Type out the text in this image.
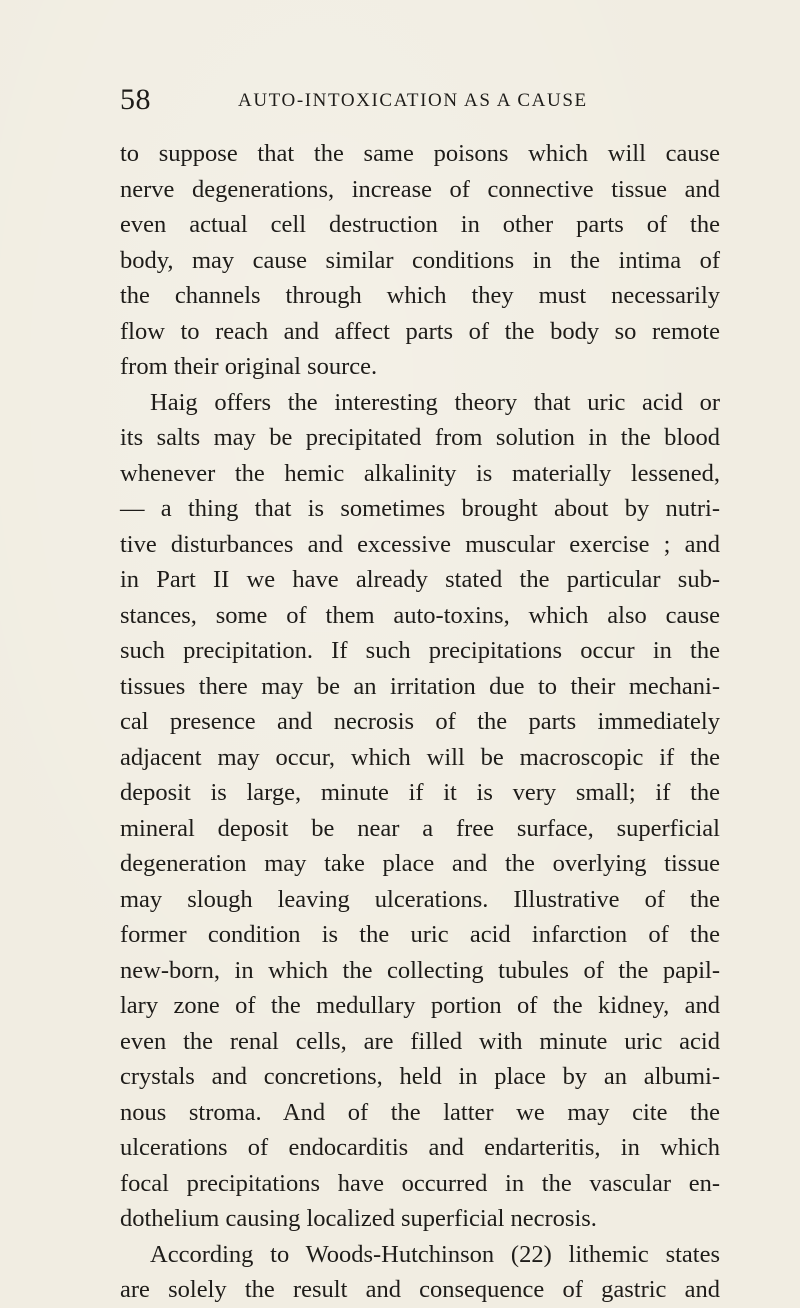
58	AUTO-INTOXICATION AS A CAUSE
to suppose that the same poisons which will cause
nerve degenerations, increase of connective tissue and
even actual cell destruction in other parts of the
body, may cause similar conditions in the intima of
the channels through which they must necessarily
flow to reach and affect parts of the body so remote
from their original source.
Haig offers the interesting theory that uric acid or
its salts may be precipitated from solution in the blood
whenever the hemic alkalinity is materially lessened,
— a thing that is sometimes brought about by nutri-
tive disturbances and excessive muscular exercise ; and
in Part II we have already stated the particular sub-
stances, some of them auto-toxins, which also cause
such precipitation. If such precipitations occur in the
tissues there may be an irritation due to their mechani-
cal presence and necrosis of the parts immediately
adjacent may occur, which will be macroscopic if the
deposit is large, minute if it is very small; if the
mineral deposit be near a free surface, superficial
degeneration may take place and the overlying tissue
may slough leaving ulcerations. Illustrative of the
former condition is the uric acid infarction of the
new-born, in which the collecting tubules of the papil-
lary zone of the medullary portion of the kidney, and
even the renal cells, are filled with minute uric acid
crystals and concretions, held in place by an albumi-
nous stroma. And of the latter we may cite the
ulcerations of endocarditis and endarteritis, in which
focal precipitations have occurred in the vascular en-
dothelium causing localized superficial necrosis.
According to Woods-Hutchinson (22) lithemic states
are solely the result and consequence of gastric and
